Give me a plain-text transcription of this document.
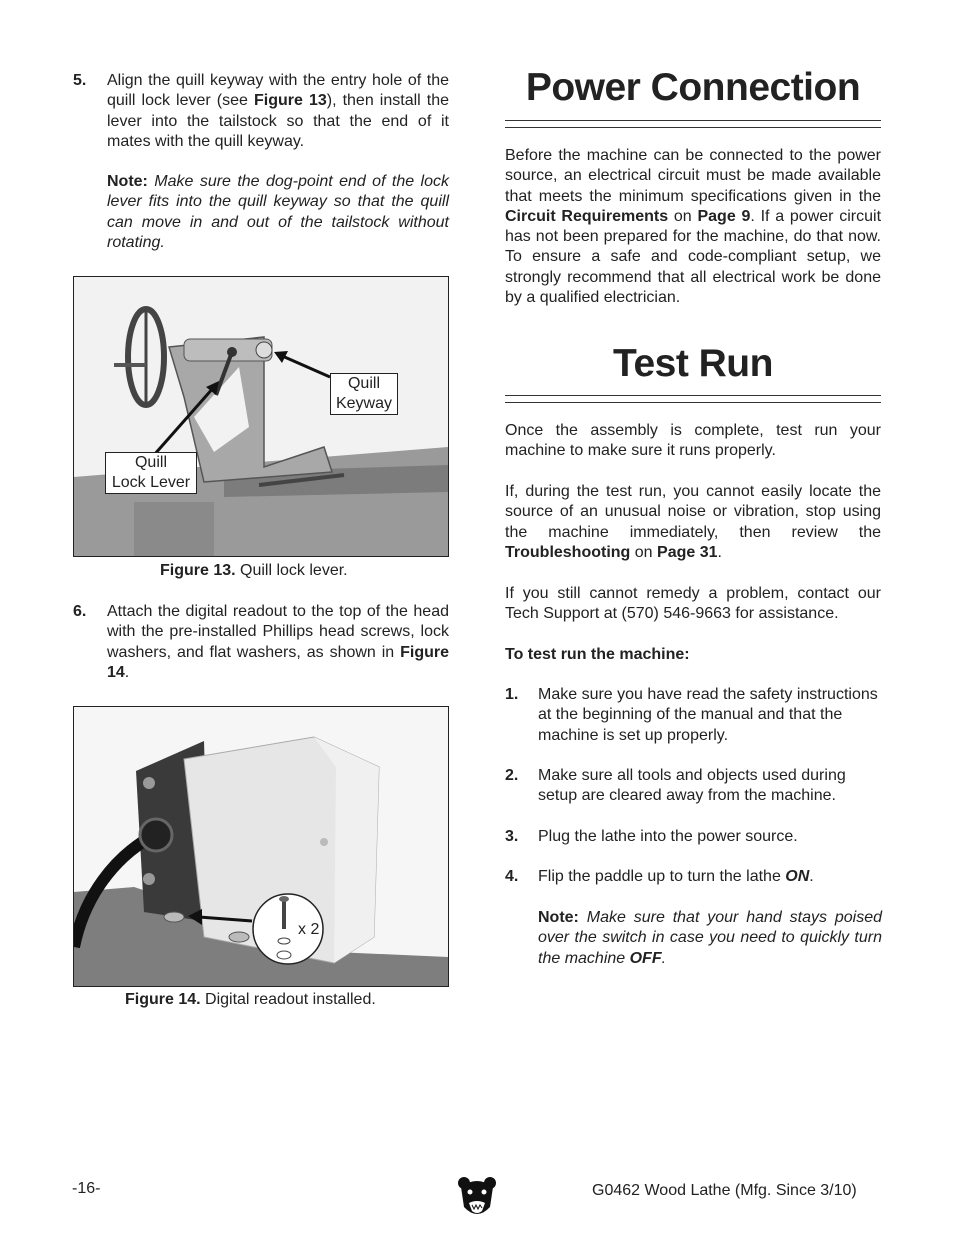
5. Align the quill keyway with the entry hole of the quill lock lever (see Figure 13), then install the lever into the tailstock so that the end of it mates with the quill keyway.
Note: Make sure the dog-point end of the lock lever fits into the quill keyway so that the quill can move in and out of the tailstock without rotating.
Quill
Keyway
Quill
Lock Lever
Figure 13. Quill lock lever.
6. Attach the digital readout to the top of the head with the pre-installed Phillips head screws, lock washers, and flat washers, as shown in Figure 14.
x 2
Figure 14. Digital readout installed.
Power Connection
Before the machine can be connected to the power source, an electrical circuit must be made available that meets the minimum specifications given in the Circuit Requirements on Page 9. If a power circuit has not been prepared for the machine, do that now. To ensure a safe and code-compliant setup, we strongly recommend that all electrical work be done by a qualified electrician.
Test Run
Once the assembly is complete, test run your machine to make sure it runs properly.
If, during the test run, you cannot easily locate the source of an unusual noise or vibration, stop using the machine immediately, then review the Troubleshooting on Page 31.
If you still cannot remedy a problem, contact our Tech Support at (570) 546-9663 for assistance.
To test run the machine:
1. Make sure you have read the safety instructions at the beginning of the manual and that the machine is set up properly.
2. Make sure all tools and objects used during setup are cleared away from the machine.
3. Plug the lathe into the power source.
4. Flip the paddle up to turn the lathe ON.
Note: Make sure that your hand stays poised over the switch in case you need to quickly turn the machine OFF.
-16-	G0462 Wood Lathe (Mfg. Since 3/10)
